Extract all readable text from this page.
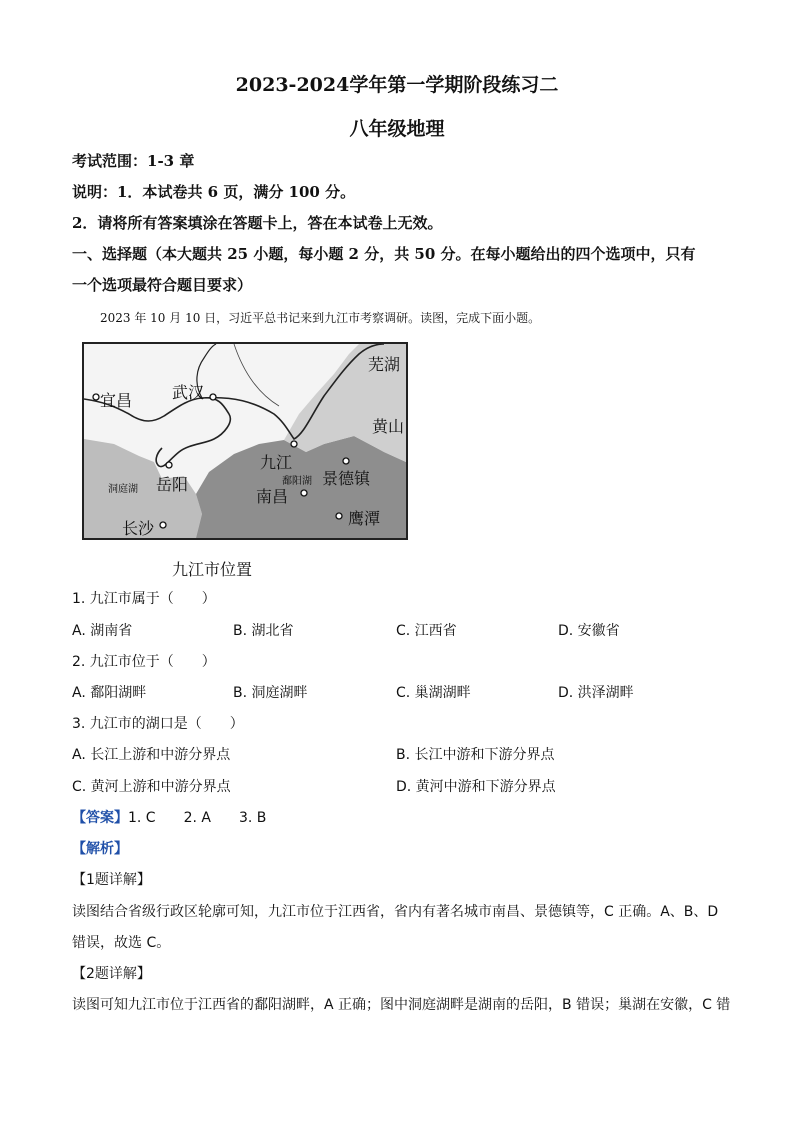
2023-2024学年第一学期阶段练习二
八年级地理
考试范围：1-3 章
说明：1．本试卷共 6 页，满分 100 分。
2．请将所有答案填涂在答题卡上，答在本试卷上无效。
一、选择题（本大题共 25 小题，每小题 2 分，共 50 分。在每小题给出的四个选项中，只有
一个选项最符合题目要求）
2023 年 10 月 10 日，习近平总书记来到九江市考察调研。读图，完成下面小题。
芜湖
宜昌 武汉
黄山
九江
鄱阳湖 景德镇
洞庭湖 岳阳
南昌
鹰潭
长沙
九江市位置
1. 九江市属于（　　）
A. 湖南省	B. 湖北省	C. 江西省	D. 安徽省
2. 九江市位于（　　）
A. 鄱阳湖畔	B. 洞庭湖畔	C. 巢湖湖畔	D. 洪泽湖畔
3. 九江市的湖口是（　　）
A. 长江上游和中游分界点	B. 长江中游和下游分界点
C. 黄河上游和中游分界点	D. 黄河中游和下游分界点
【答案】1. C　　2. A　　3. B
【解析】
【1题详解】
读图结合省级行政区轮廓可知，九江市位于江西省，省内有著名城市南昌、景德镇等，C 正确。A、B、D
错误，故选 C。
【2题详解】
读图可知九江市位于江西省的鄱阳湖畔，A 正确；图中洞庭湖畔是湖南的岳阳，B 错误；巢湖在安徽，C 错
